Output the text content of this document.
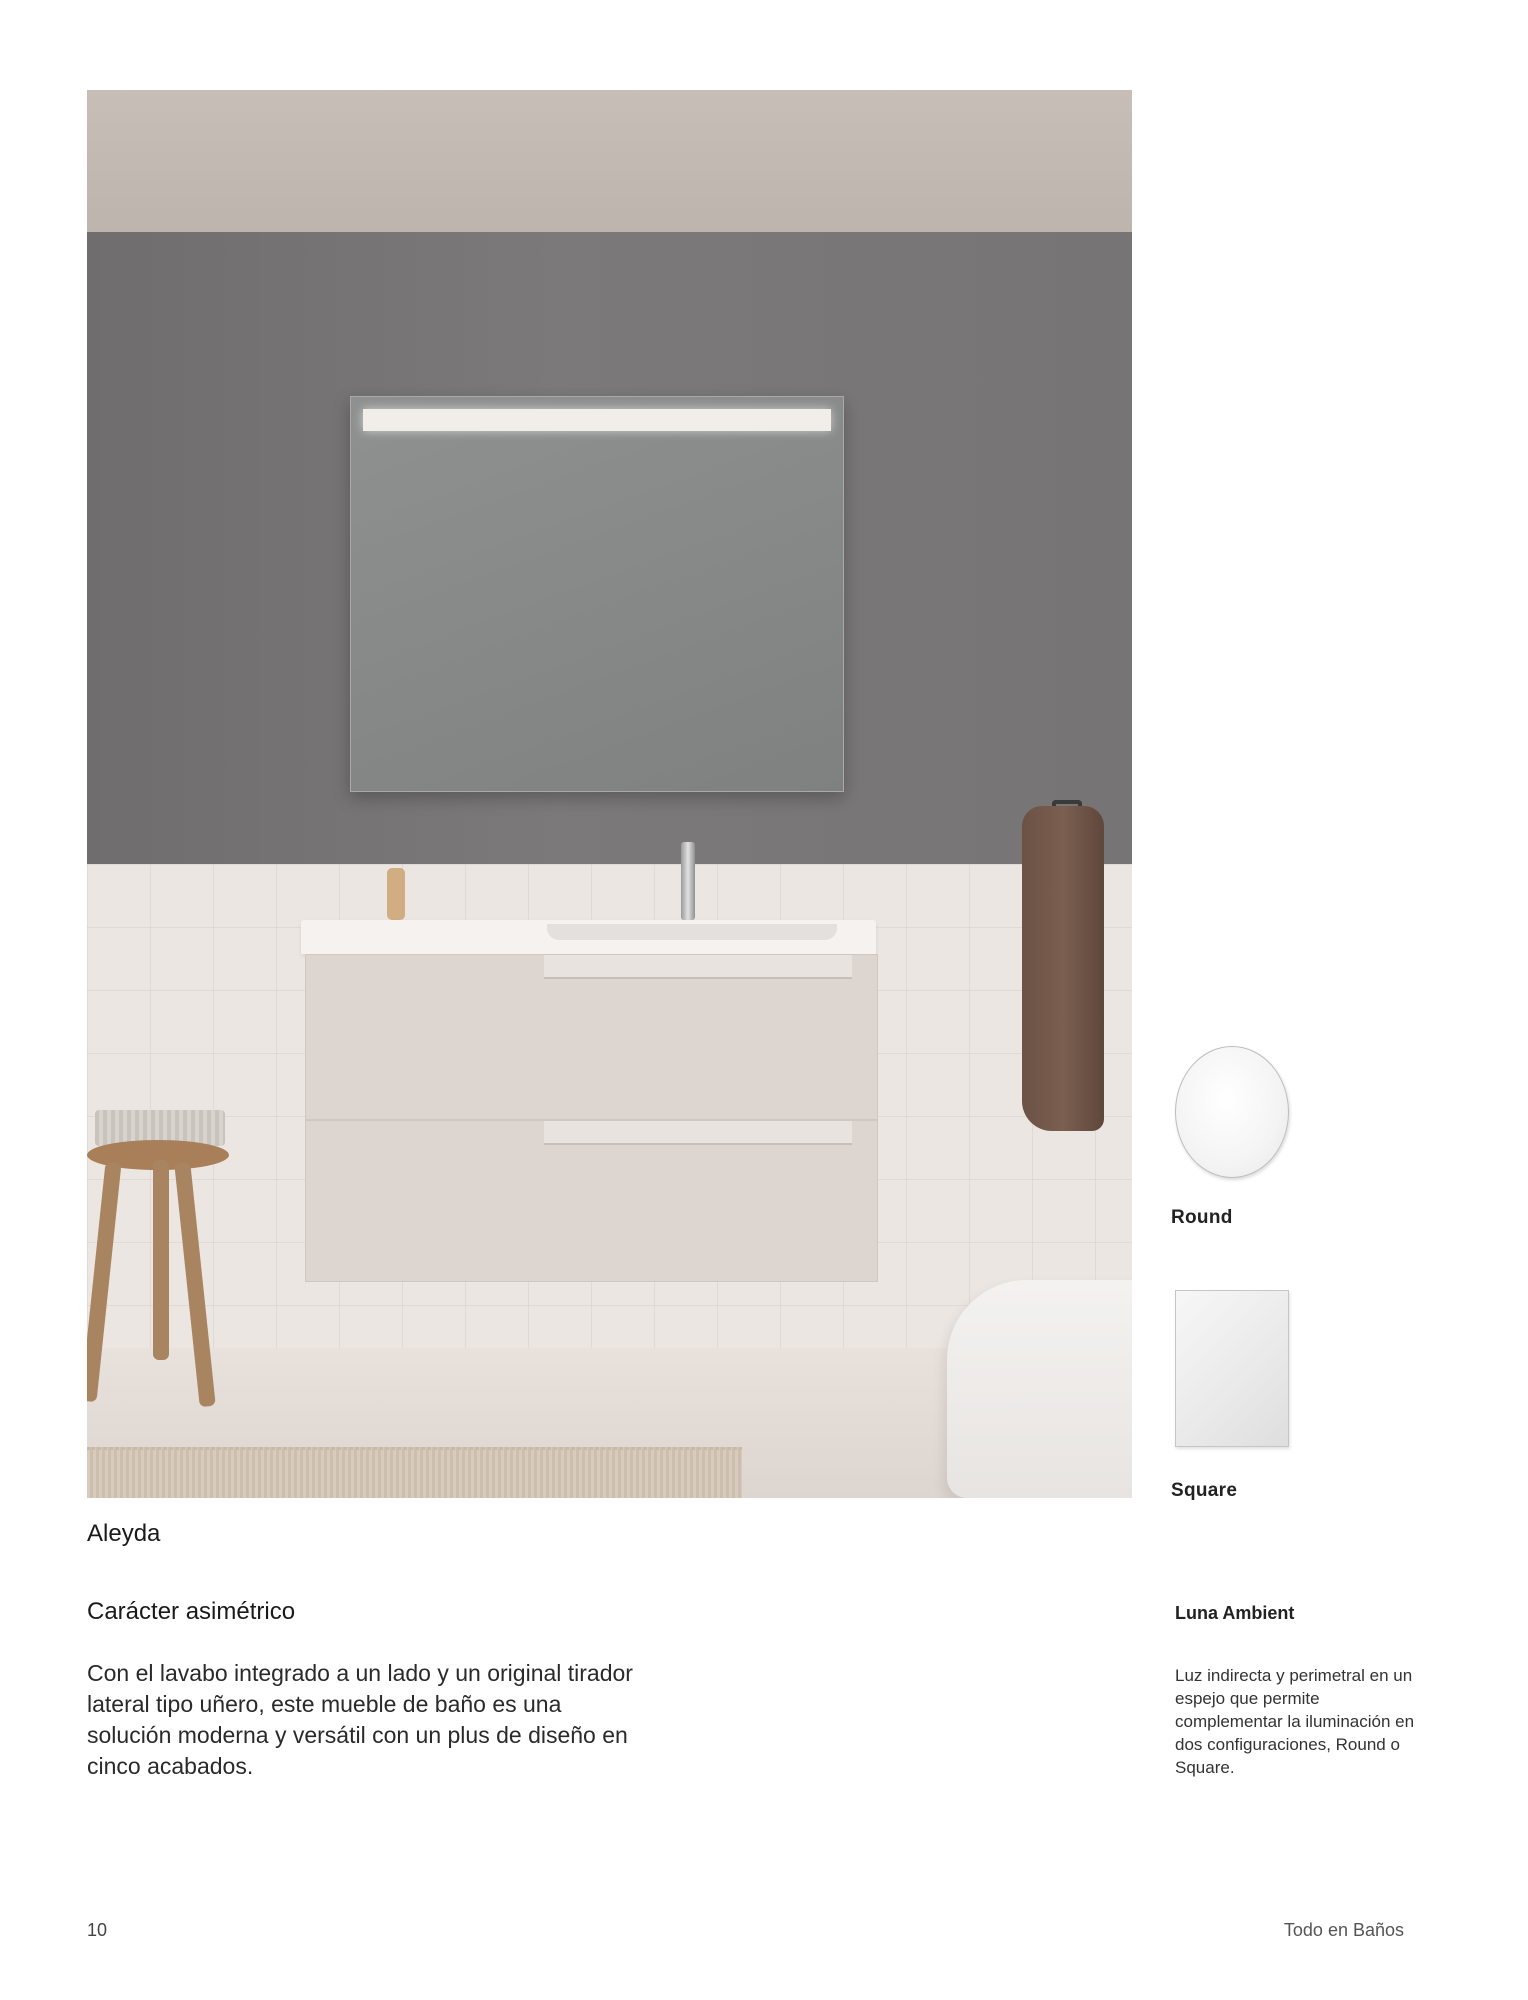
Round
Square
Aleyda
Carácter asimétrico
Con el lavabo integrado a un lado y un original tirador lateral tipo uñero, este mueble de baño es una solución moderna y versátil con un plus de diseño en cinco acabados.
Luna Ambient
Luz indirecta y perimetral en un espejo que permite complementar la iluminación en dos configuraciones, Round o Square.
10	Todo en Baños
